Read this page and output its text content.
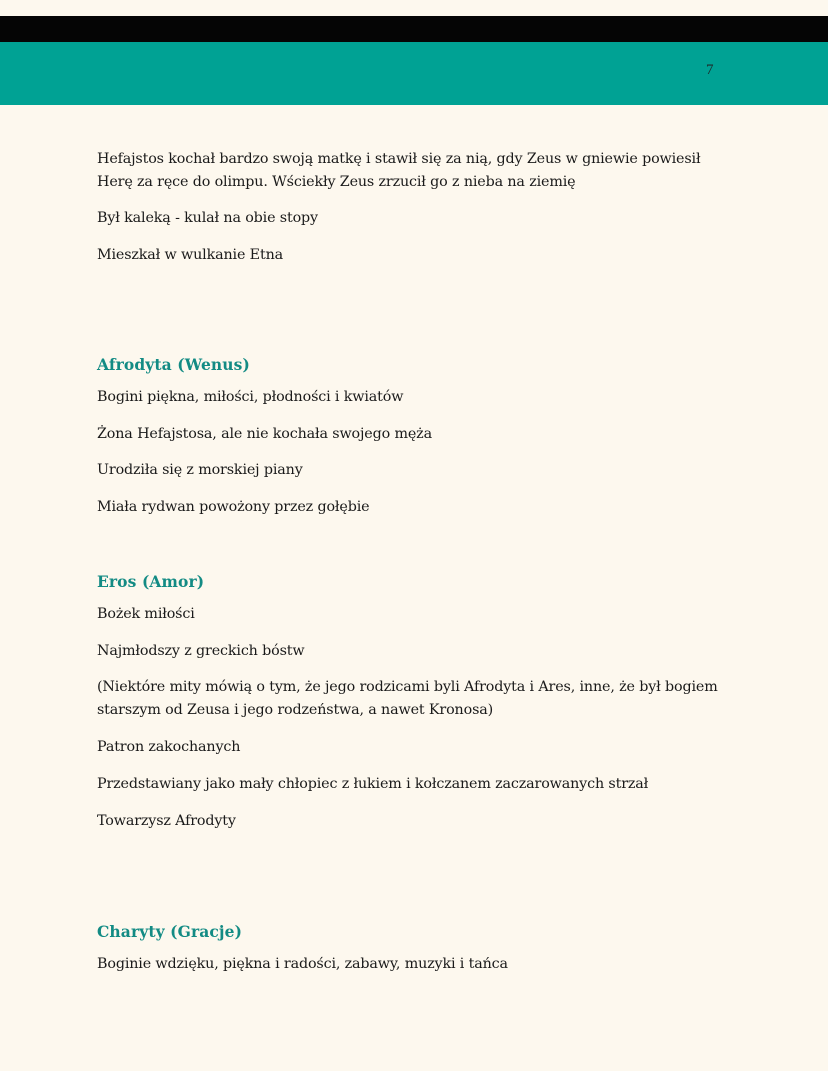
7

Hefajstos kochał bardzo swoją matkę i stawił się za nią, gdy Zeus w gniewie powiesił Herę za ręce do olimpu. Wściekły Zeus zrzucił go z nieba na ziemię

Był kaleką - kulał na obie stopy

Mieszkał w wulkanie Etna

Afrodyta (Wenus)

Bogini piękna, miłości, płodności i kwiatów

Żona Hefajstosa, ale nie kochała swojego męża

Urodziła się z morskiej piany

Miała rydwan powożony przez gołębie

Eros (Amor)

Bożek miłości

Najmłodszy z greckich bóstw

(Niektóre mity mówią o tym, że jego rodzicami byli Afrodyta i Ares, inne, że był bogiem starszym od Zeusa i jego rodzeństwa, a nawet Kronosa)

Patron zakochanych

Przedstawiany jako mały chłopiec z łukiem i kołczanem zaczarowanych strzał

Towarzysz Afrodyty

Charyty (Gracje)

Boginie wdzięku, piękna i radości, zabawy, muzyki i tańca
